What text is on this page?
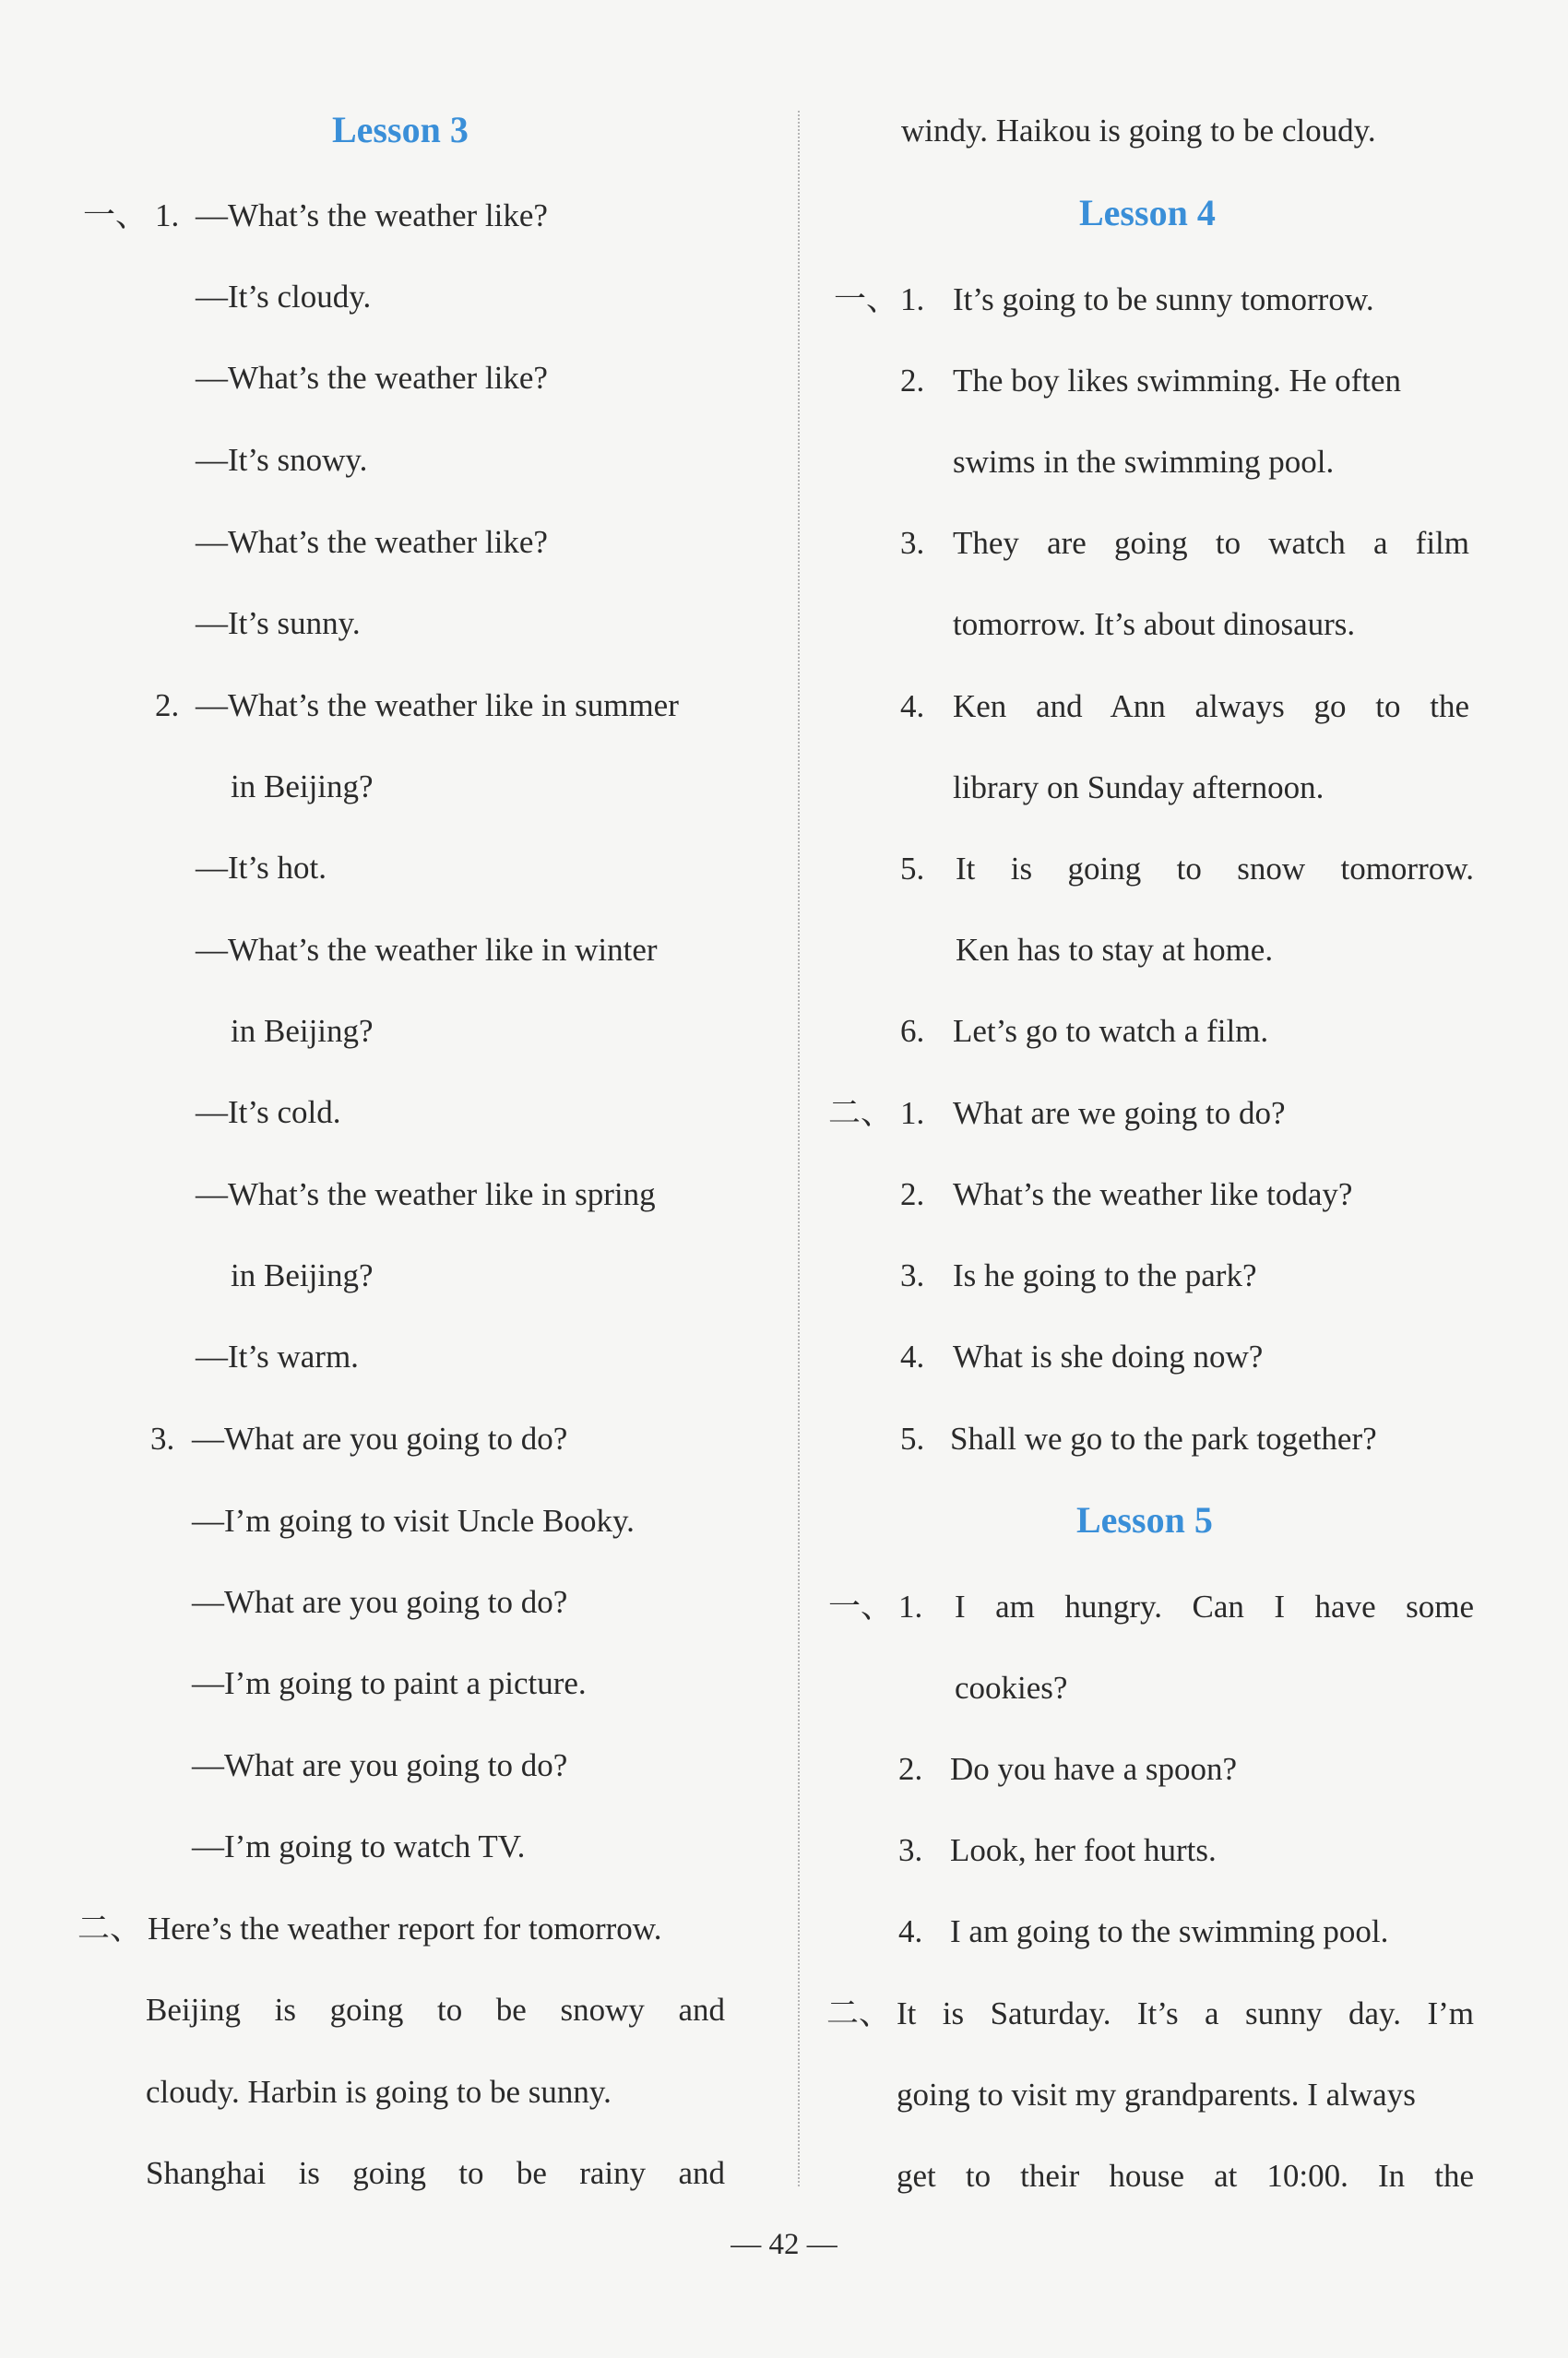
Lesson 3
一、 1. —What’s the weather like?
—It’s cloudy.
—What’s the weather like?
—It’s snowy.
—What’s the weather like?
—It’s sunny.
2. —What’s the weather like in summer
in Beijing?
—It’s hot.
—What’s the weather like in winter
in Beijing?
—It’s cold.
—What’s the weather like in spring
in Beijing?
—It’s warm.
3. —What are you going to do?
—I’m going to visit Uncle Booky.
—What are you going to do?
—I’m going to paint a picture.
—What are you going to do?
—I’m going to watch TV.
二、 Here’s the weather report for tomorrow.
Beijing is going to be snowy and
cloudy. Harbin is going to be sunny.
Shanghai is going to be rainy and
windy. Haikou is going to be cloudy.
Lesson 4
一、 1. It’s going to be sunny tomorrow.
2. The boy likes swimming. He often
swims in the swimming pool.
3. They are going to watch a film
tomorrow. It’s about dinosaurs.
4. Ken and Ann always go to the
library on Sunday afternoon.
5. It is going to snow tomorrow.
Ken has to stay at home.
6. Let’s go to watch a film.
二、 1. What are we going to do?
2. What’s the weather like today?
3. Is he going to the park?
4. What is she doing now?
5. Shall we go to the park together?
Lesson 5
一、 1. I am hungry. Can I have some
cookies?
2. Do you have a spoon?
3. Look, her foot hurts.
4. I am going to the swimming pool.
二、 It is Saturday. It’s a sunny day. I’m
going to visit my grandparents. I always
get to their house at 10:00. In the
— 42 —
